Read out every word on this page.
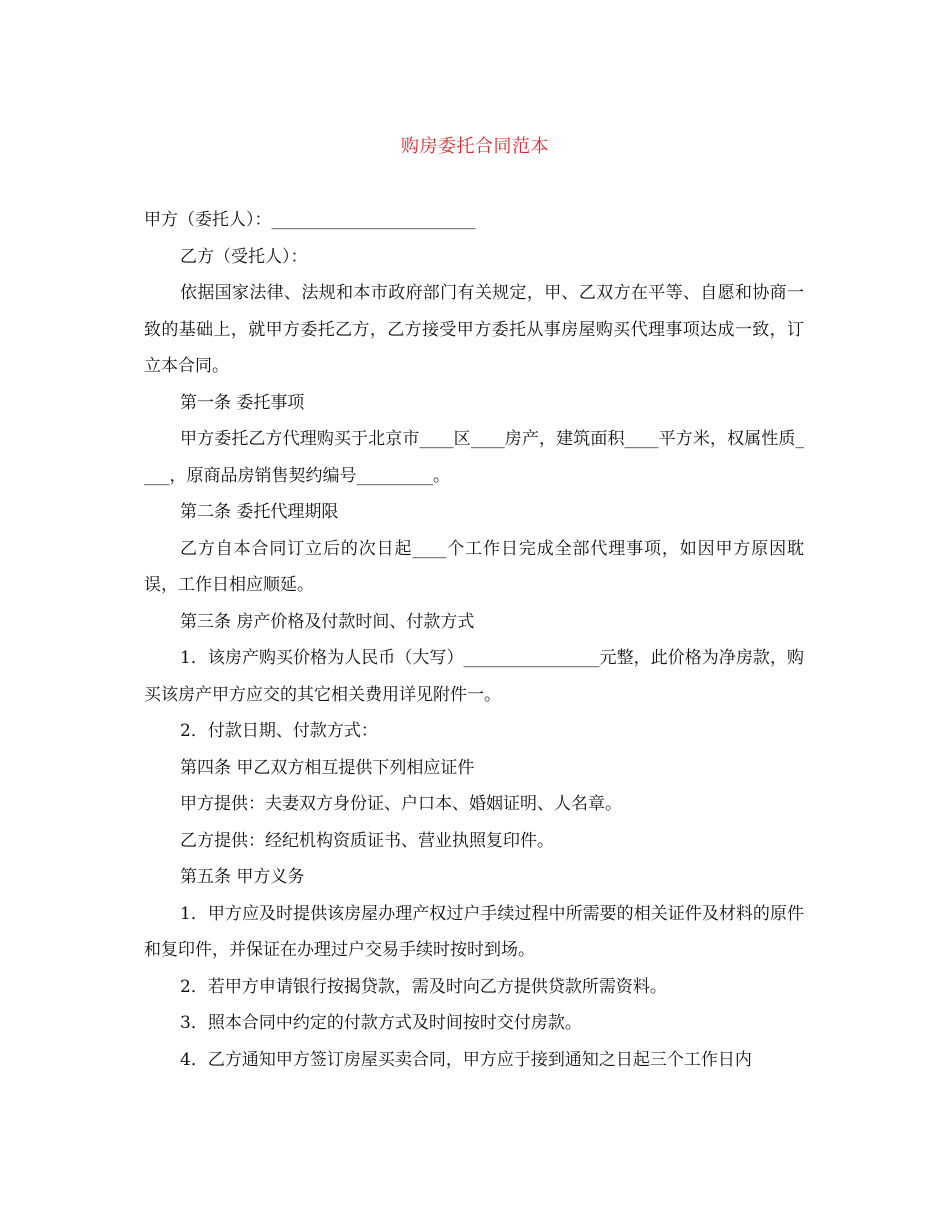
购房委托合同范本

甲方（委托人）：________________________

乙方（受托人）：

依据国家法律、法规和本市政府部门有关规定，甲、乙双方在平等、自愿和协商一致的基础上，就甲方委托乙方，乙方接受甲方委托从事房屋购买代理事项达成一致，订立本合同。

第一条 委托事项

甲方委托乙方代理购买于北京市____区____房产，建筑面积____平方米，权属性质____，原商品房销售契约编号_________。

第二条 委托代理期限

乙方自本合同订立后的次日起____个工作日完成全部代理事项，如因甲方原因耽误，工作日相应顺延。

第三条 房产价格及付款时间、付款方式

1．该房产购买价格为人民币（大写）________________元整，此价格为净房款，购买该房产甲方应交的其它相关费用详见附件一。

2．付款日期、付款方式：

第四条 甲乙双方相互提供下列相应证件

甲方提供：夫妻双方身份证、户口本、婚姻证明、人名章。

乙方提供：经纪机构资质证书、营业执照复印件。

第五条 甲方义务

1．甲方应及时提供该房屋办理产权过户手续过程中所需要的相关证件及材料的原件和复印件，并保证在办理过户交易手续时按时到场。

2．若甲方申请银行按揭贷款，需及时向乙方提供贷款所需资料。

3．照本合同中约定的付款方式及时间按时交付房款。

4．乙方通知甲方签订房屋买卖合同，甲方应于接到通知之日起三个工作日内
